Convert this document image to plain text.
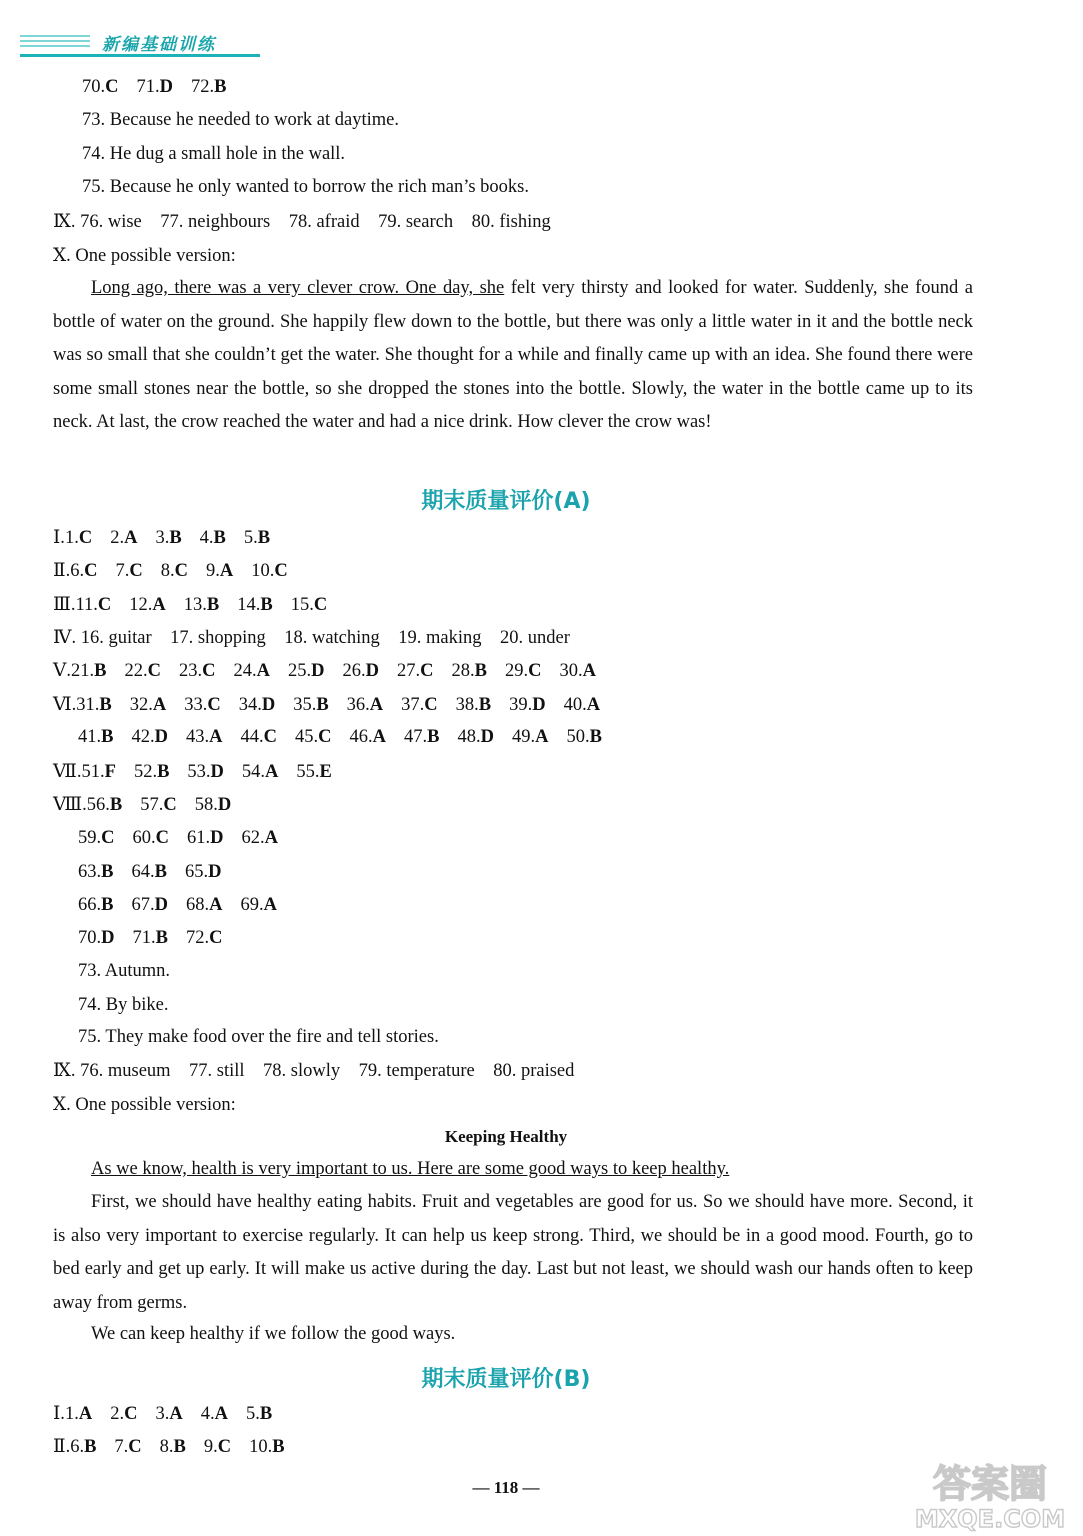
新编基础训练
70.C 71.D 72.B
73. Because he needed to work at daytime.
74. He dug a small hole in the wall.
75. Because he only wanted to borrow the rich man’s books.
Ⅸ. 76. wise    77. neighbours    78. afraid    79. search    80. fishing
Ⅹ. One possible version:
Long ago, there was a very clever crow. One day, she felt very thirsty and looked for water. Suddenly, she found a bottle of water on the ground. She happily flew down to the bottle, but there was only a little water in it and the bottle neck was so small that she couldn’t get the water. She thought for a while and finally came up with an idea. She found there were some small stones near the bottle, so she dropped the stones into the bottle. Slowly, the water in the bottle came up to its neck. At last, the crow reached the water and had a nice drink. How clever the crow was!
期末质量评价(A)
Ⅰ.1.C 2.A 3.B 4.B 5.B
Ⅱ.6.C 7.C 8.C 9.A 10.C
Ⅲ.11.C 12.A 13.B 14.B 15.C
Ⅳ. 16. guitar    17. shopping    18. watching    19. making    20. under
Ⅴ.21.B 22.C 23.C 24.A 25.D 26.D 27.C 28.B 29.C 30.A
Ⅵ.31.B 32.A 33.C 34.D 35.B 36.A 37.C 38.B 39.D 40.A
41.B 42.D 43.A 44.C 45.C 46.A 47.B 48.D 49.A 50.B
Ⅶ.51.F 52.B 53.D 54.A 55.E
Ⅷ.56.B 57.C 58.D
59.C 60.C 61.D 62.A
63.B 64.B 65.D
66.B 67.D 68.A 69.A
70.D 71.B 72.C
73. Autumn.
74. By bike.
75. They make food over the fire and tell stories.
Ⅸ. 76. museum    77. still    78. slowly    79. temperature    80. praised
Ⅹ. One possible version:
Keeping Healthy
As we know, health is very important to us. Here are some good ways to keep healthy.
First, we should have healthy eating habits. Fruit and vegetables are good for us. So we should have more. Second, it is also very important to exercise regularly. It can help us keep strong. Third, we should be in a good mood. Fourth, go to bed early and get up early. It will make us active during the day. Last but not least, we should wash our hands often to keep away from germs.
We can keep healthy if we follow the good ways.
期末质量评价(B)
Ⅰ.1.A 2.C 3.A 4.A 5.B
Ⅱ.6.B 7.C 8.B 9.C 10.B
— 118 —	答案圈
MXQE.COM
